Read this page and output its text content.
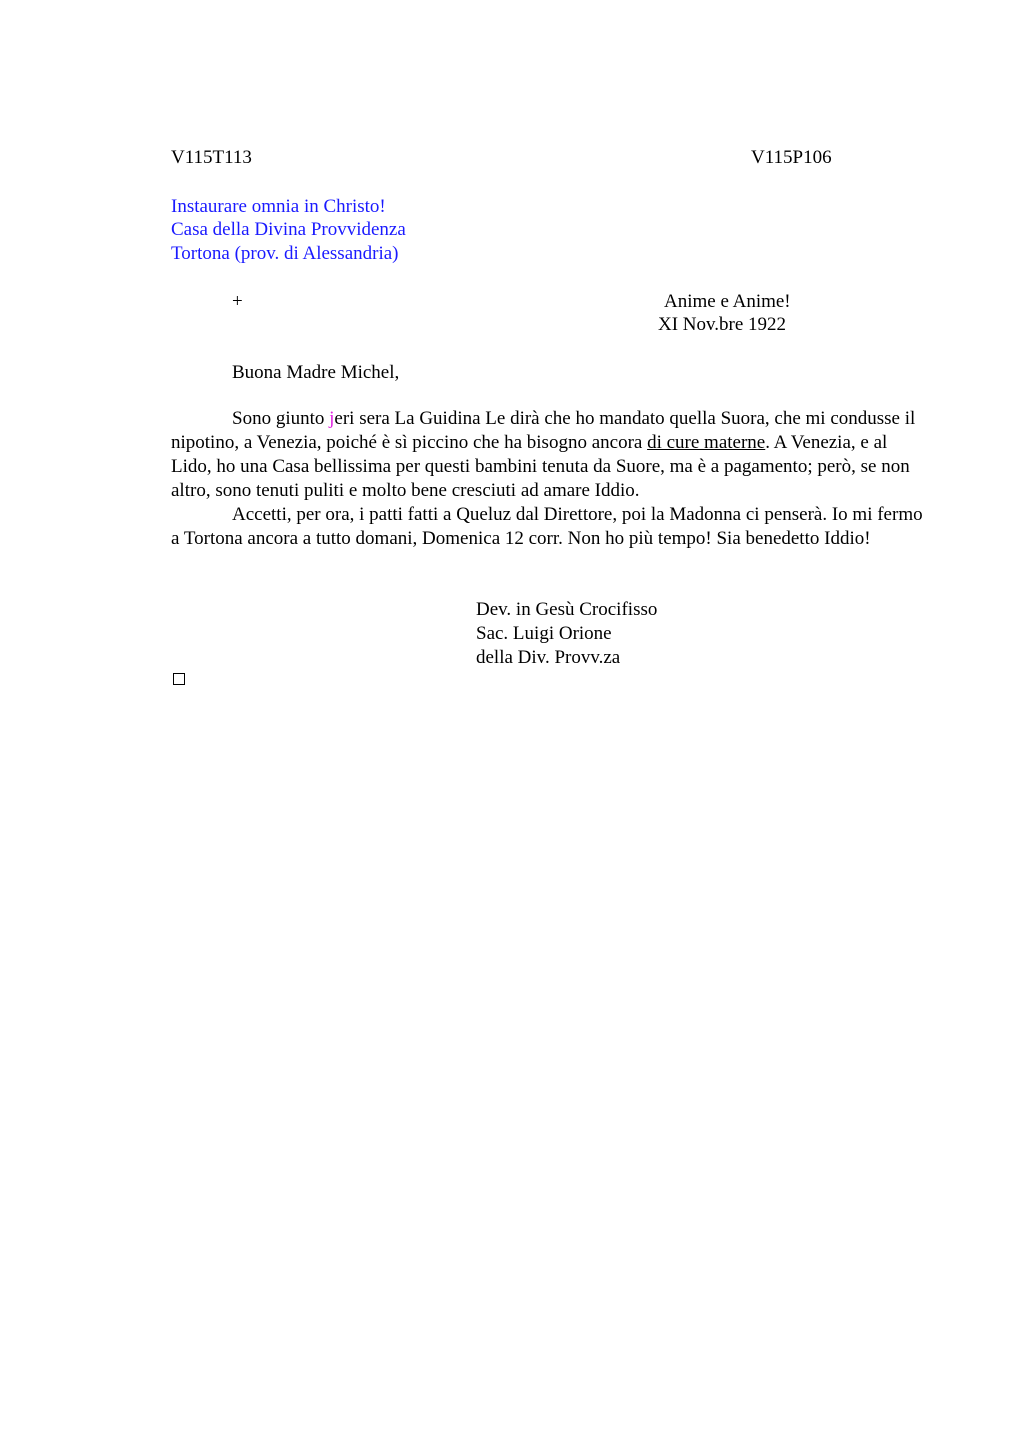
V115T113	V115P106
Instaurare omnia in Christo!
Casa della Divina Provvidenza
Tortona (prov. di Alessandria)
+	Anime e Anime!
XI Nov.bre 1922
Buona Madre Michel,

Sono giunto jeri sera La Guidina Le dirà che ho mandato quella Suora, che mi condusse il nipotino, a Venezia, poiché è sì piccino che ha bisogno ancora di cure materne. A Venezia, e al Lido, ho una Casa bellissima per questi bambini tenuta da Suore, ma è a pagamento; però, se non altro, sono tenuti puliti e molto bene cresciuti ad amare Iddio.

Accetti, per ora, i patti fatti a Queluz dal Direttore, poi la Madonna ci penserà. Io mi fermo a Tortona ancora a tutto domani, Domenica 12 corr. Non ho più tempo! Sia benedetto Iddio!

Dev. in Gesù Crocifisso
Sac. Luigi Orione
della Div. Provv.za
